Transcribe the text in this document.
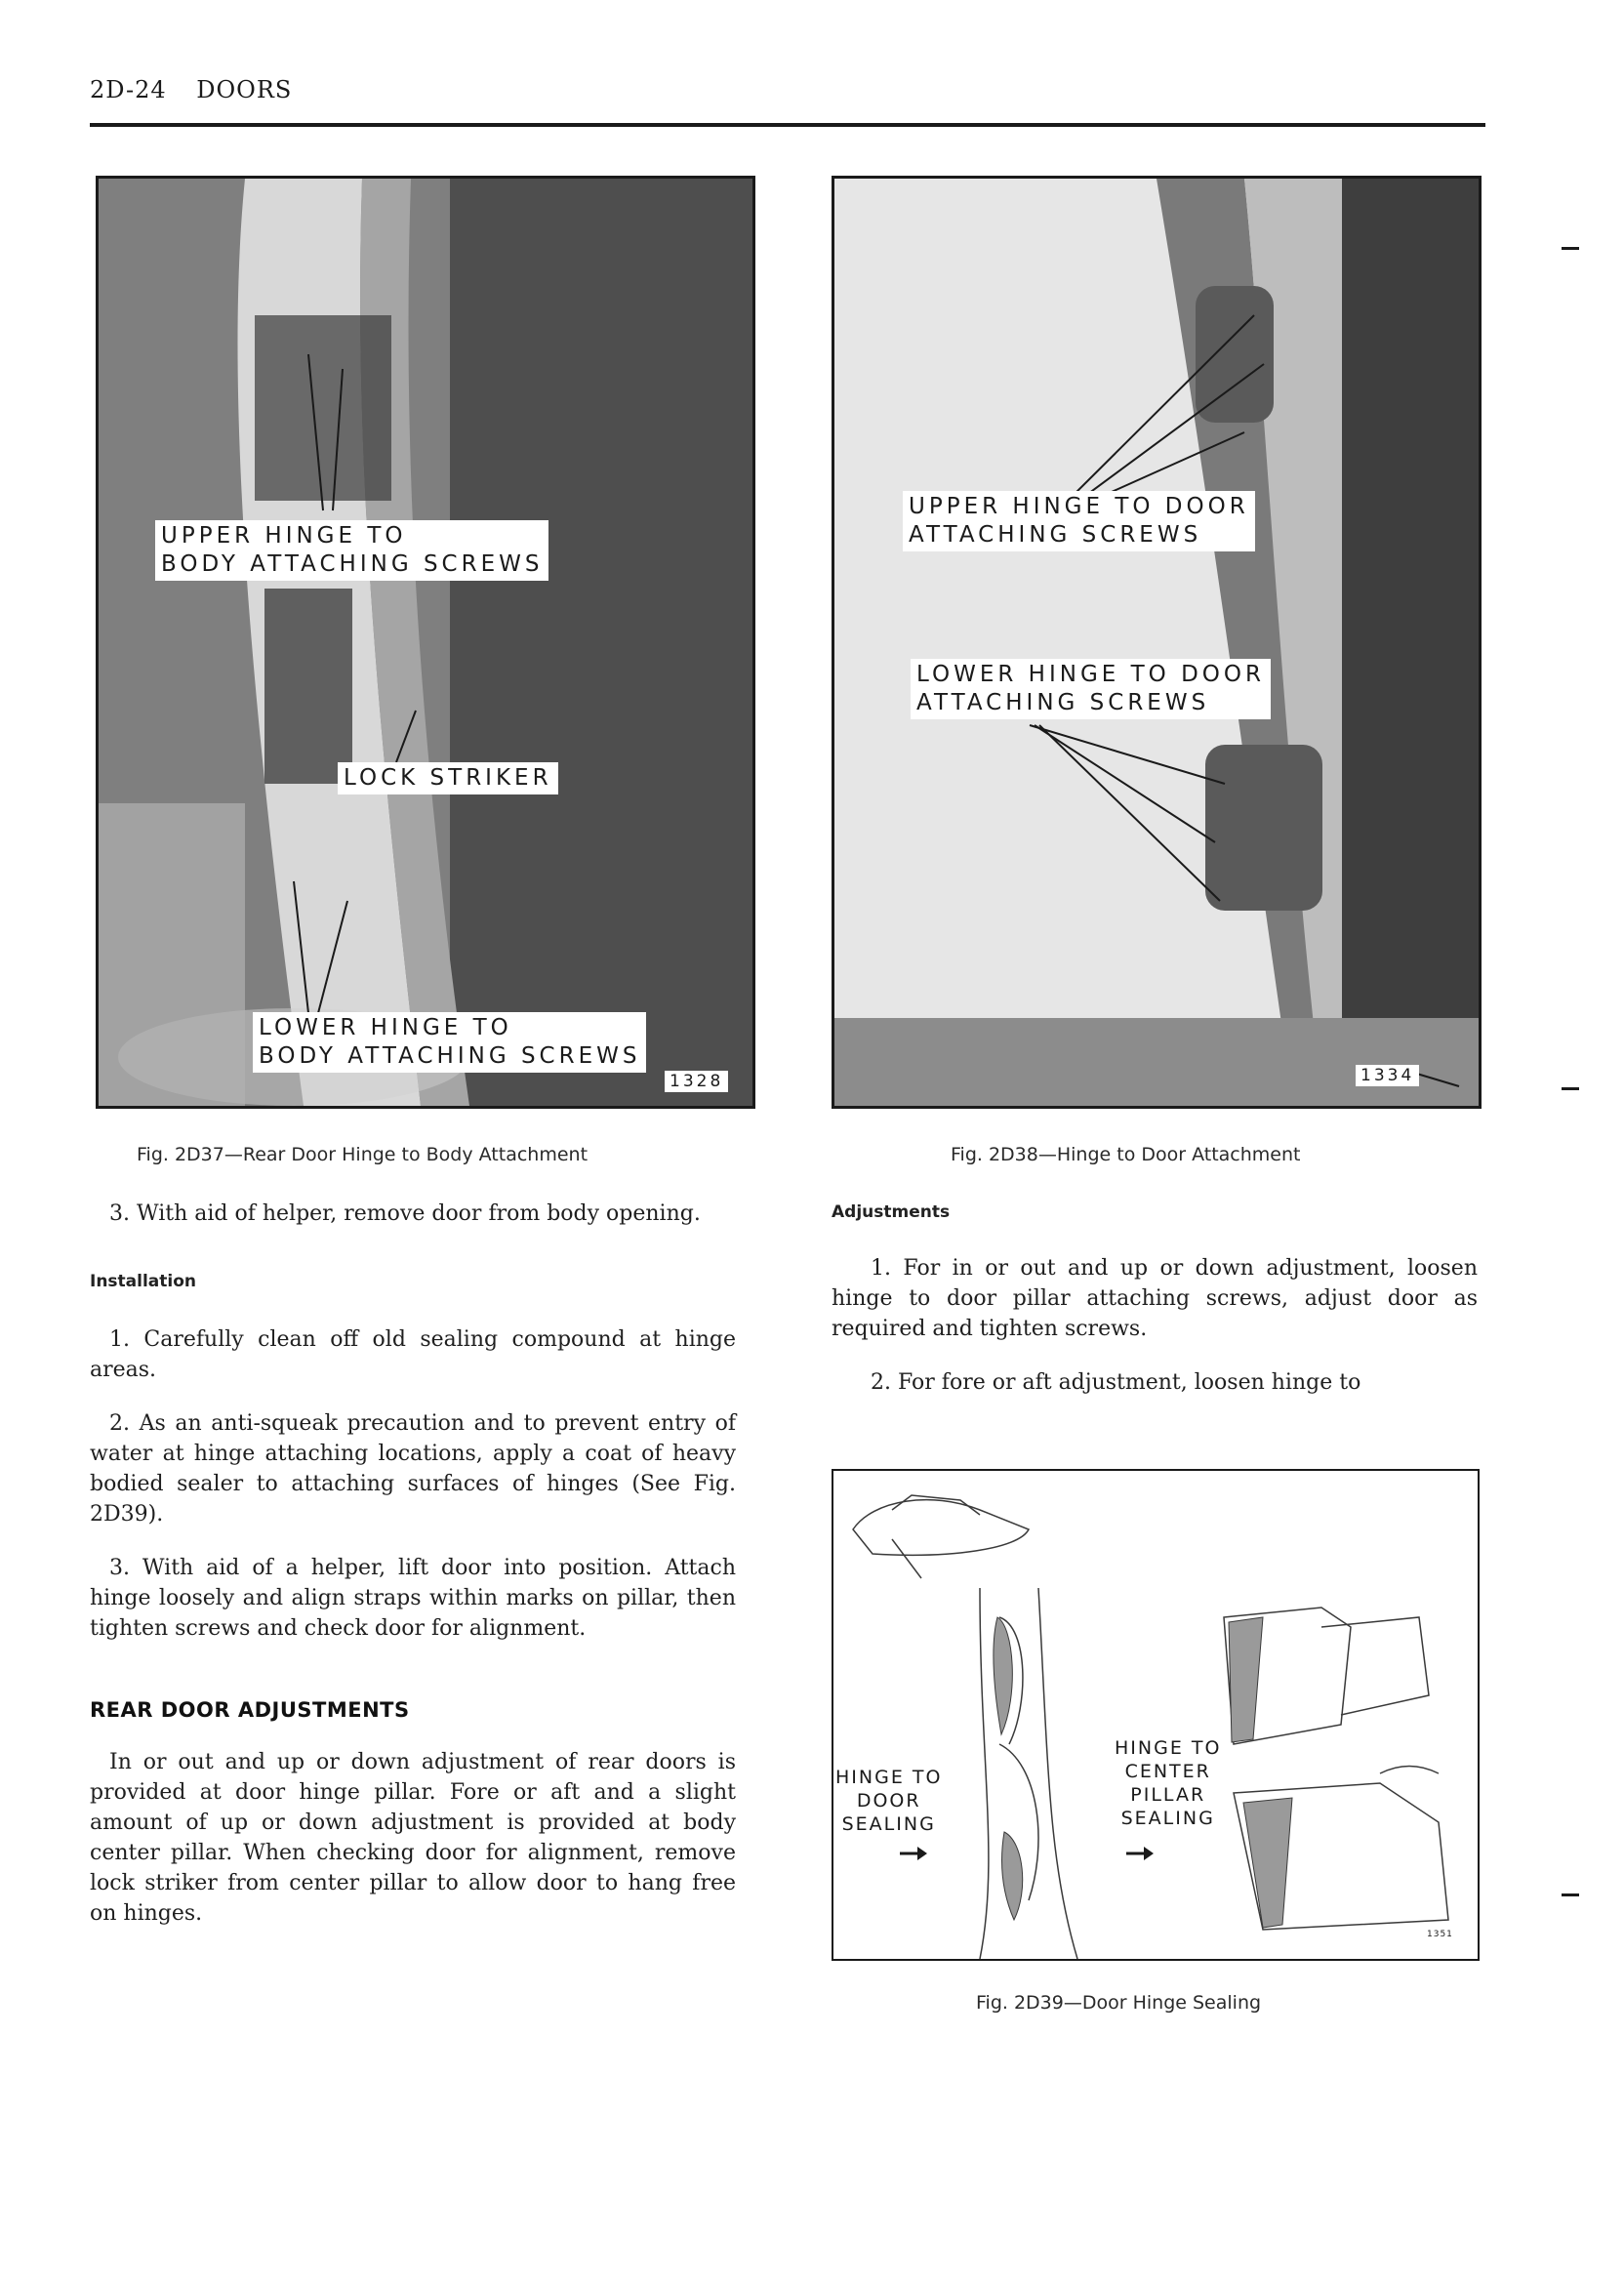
2D-24 DOORS
UPPER HINGE TO
BODY ATTACHING SCREWS
LOCK STRIKER
LOWER HINGE TO
BODY ATTACHING SCREWS
1328
Fig. 2D37—Rear Door Hinge to Body Attachment
UPPER HINGE TO DOOR
ATTACHING SCREWS
LOWER HINGE TO DOOR
ATTACHING SCREWS
1334
Fig. 2D38—Hinge to Door Attachment

3. With aid of helper, remove door from body opening.

Installation

1. Carefully clean off old sealing compound at hinge areas.

2. As an anti-squeak precaution and to prevent entry of water at hinge attaching locations, apply a coat of heavy bodied sealer to attaching surfaces of hinges (See Fig. 2D39).

3. With aid of a helper, lift door into position. Attach hinge loosely and align straps within marks on pillar, then tighten screws and check door for alignment.

REAR DOOR ADJUSTMENTS

In or out and up or down adjustment of rear doors is provided at door hinge pillar. Fore or aft and a slight amount of up or down adjustment is provided at body center pillar. When checking door for alignment, remove lock striker from center pillar to allow door to hang free on hinges.

Adjustments

1. For in or out and up or down adjustment, loosen hinge to door pillar attaching screws, adjust door as required and tighten screws.

2. For fore or aft adjustment, loosen hinge to

HINGE TO
DOOR
SEALING
HINGE TO
CENTER
PILLAR
SEALING
1351
Fig. 2D39—Door Hinge Sealing
